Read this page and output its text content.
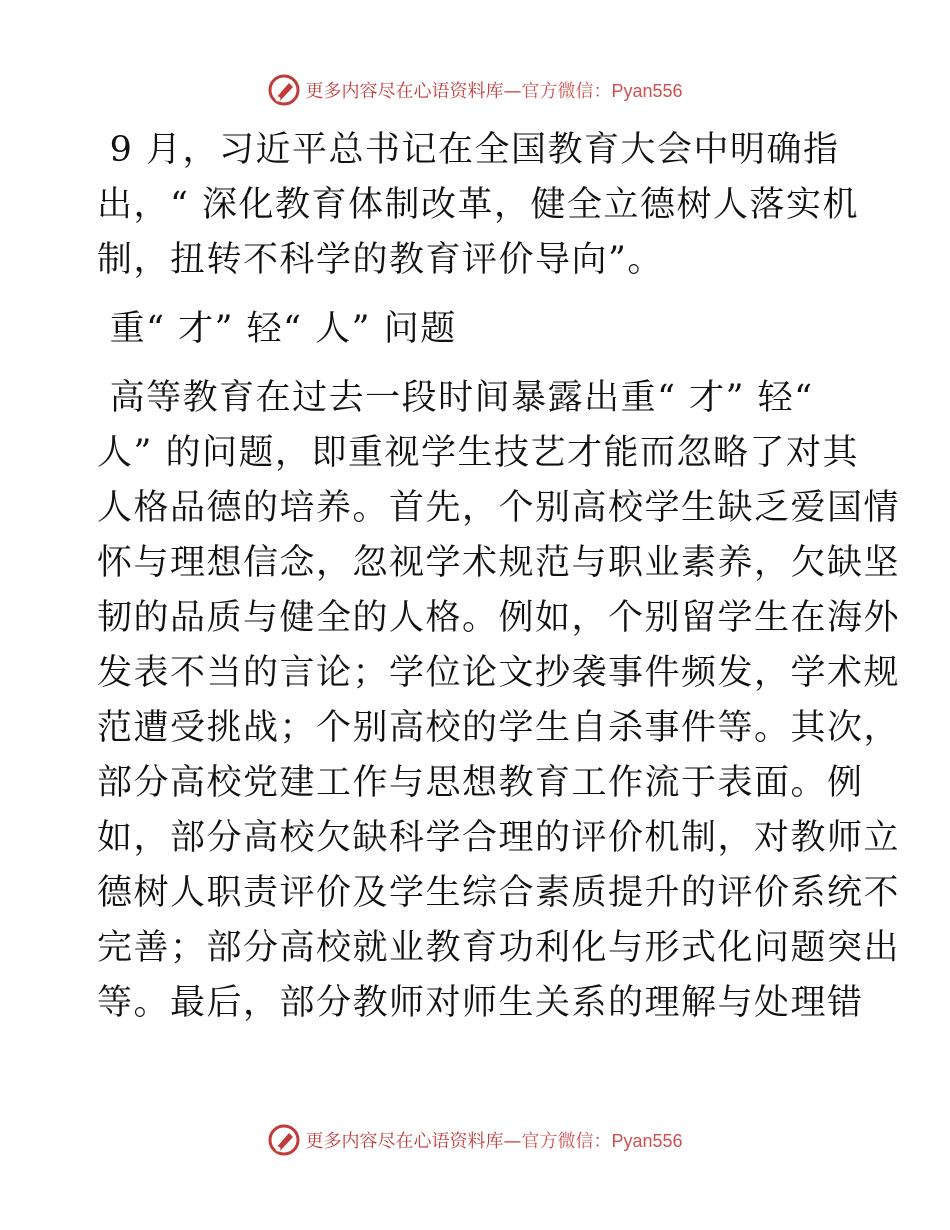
更多内容尽在心语资料库— 官方微信：Pyan556
9 月，习近平总书记在全国教育大会中明确指
出，“ 深化教育体制改革，健全立德树人落实机
制，扭转不科学的教育评价导向”。
重“ 才” 轻“ 人” 问题
高等教育在过去一段时间暴露出重“ 才” 轻“
人” 的问题，即重视学生技艺才能而忽略了对其
人格品德的培养。首先，个别高校学生缺乏爱国情
怀与理想信念，忽视学术规范与职业素养，欠缺坚
韧的品质与健全的人格。例如，个别留学生在海外
发表不当的言论；学位论文抄袭事件频发，学术规
范遭受挑战；个别高校的学生自杀事件等。其次，
部分高校党建工作与思想教育工作流于表面。例
如，部分高校欠缺科学合理的评价机制，对教师立
德树人职责评价及学生综合素质提升的评价系统不
完善；部分高校就业教育功利化与形式化问题突出
等。最后，部分教师对师生关系的理解与处理错
更多内容尽在心语资料库— 官方微信：Pyan556
